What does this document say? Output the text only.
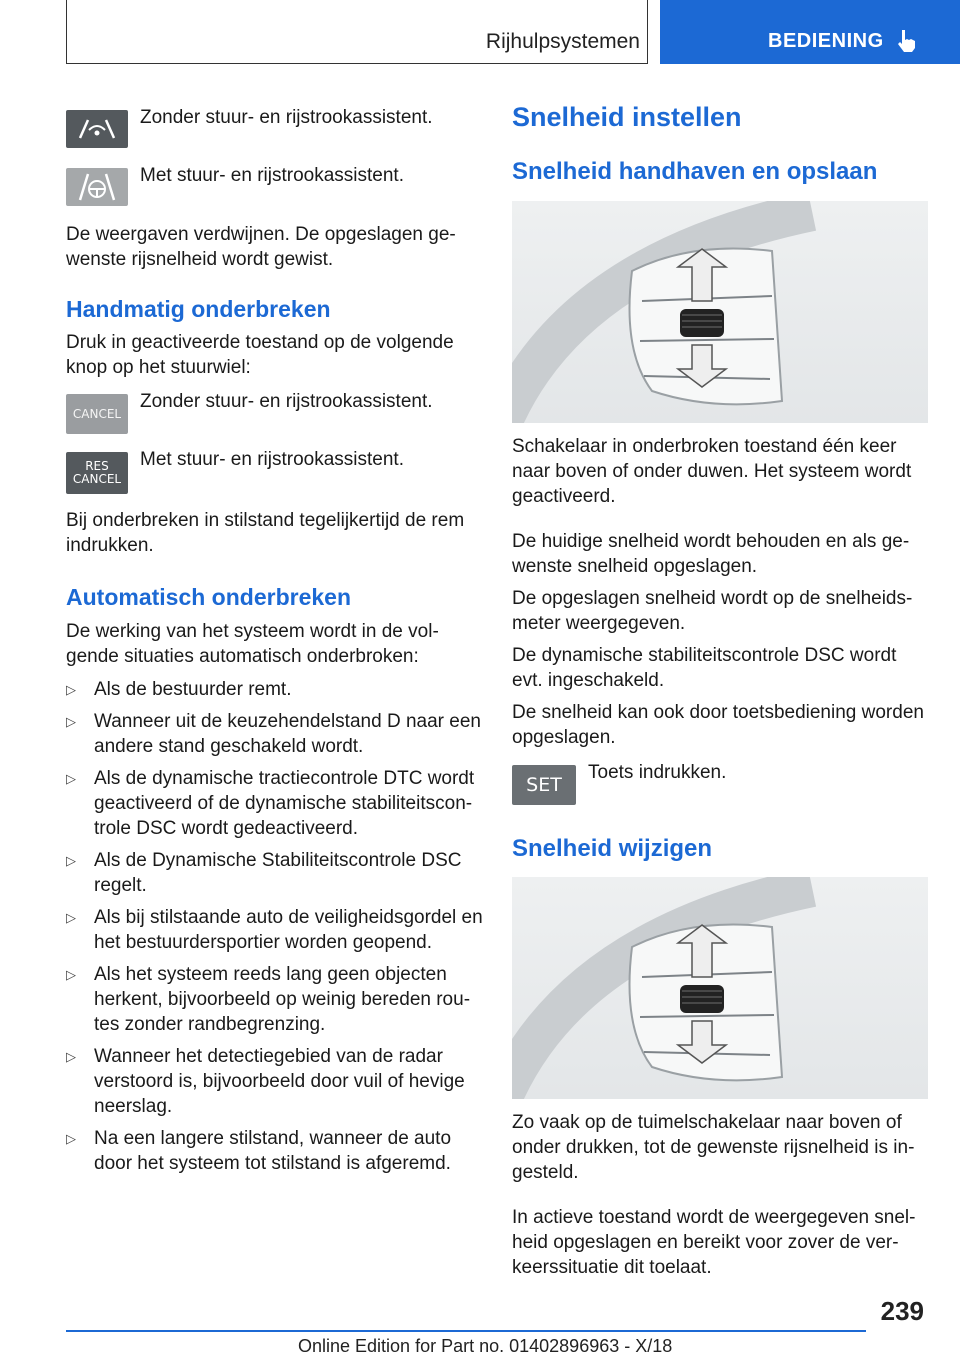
Rijhulpsystemen	BEDIENING
Zonder stuur- en rijstrookassistent.
Met stuur- en rijstrookassistent.

De weergaven verdwijnen. De opgeslagen ge-wenste rijsnelheid wordt gewist.

Handmatig onderbreken

Druk in geactiveerde toestand op de volgende knop op het stuurwiel:

CANCEL
Zonder stuur- en rijstrookassistent.
RES
CANCEL
Met stuur- en rijstrookassistent.

Bij onderbreken in stilstand tegelijkertijd de rem indrukken.

Automatisch onderbreken

De werking van het systeem wordt in de vol-gende situaties automatisch onderbroken:

▷ Als de bestuurder remt.
▷ Wanneer uit de keuzehendelstand D naar een andere stand geschakeld wordt.
▷ Als de dynamische tractiecontrole DTC wordt geactiveerd of de dynamische stabiliteitscon-trole DSC wordt gedeactiveerd.
▷ Als de Dynamische Stabiliteitscontrole DSC regelt.
▷ Als bij stilstaande auto de veiligheidsgordel en het bestuurdersportier worden geopend.
▷ Als het systeem reeds lang geen objecten herkent, bijvoorbeeld op weinig bereden rou-tes zonder randbegrenzing.
▷ Wanneer het detectiegebied van de radar verstoord is, bijvoorbeeld door vuil of hevige neerslag.
▷ Na een langere stilstand, wanneer de auto door het systeem tot stilstand is afgeremd.
Snelheid instellen
Snelheid handhaven en opslaan

Schakelaar in onderbroken toestand één keer naar boven of onder duwen. Het systeem wordt geactiveerd.

De huidige snelheid wordt behouden en als ge-wenste snelheid opgeslagen.

De opgeslagen snelheid wordt op de snelheids-meter weergegeven.

De dynamische stabiliteitscontrole DSC wordt evt. ingeschakeld.

De snelheid kan ook door toetsbediening worden opgeslagen.

SET
Toets indrukken.
Snelheid wijzigen

Zo vaak op de tuimelschakelaar naar boven of onder drukken, tot de gewenste rijsnelheid is in-gesteld.

In actieve toestand wordt de weergegeven snel-heid opgeslagen en bereikt voor zover de ver-keerssituatie dit toelaat.

239
Online Edition for Part no. 01402896963 - X/18
